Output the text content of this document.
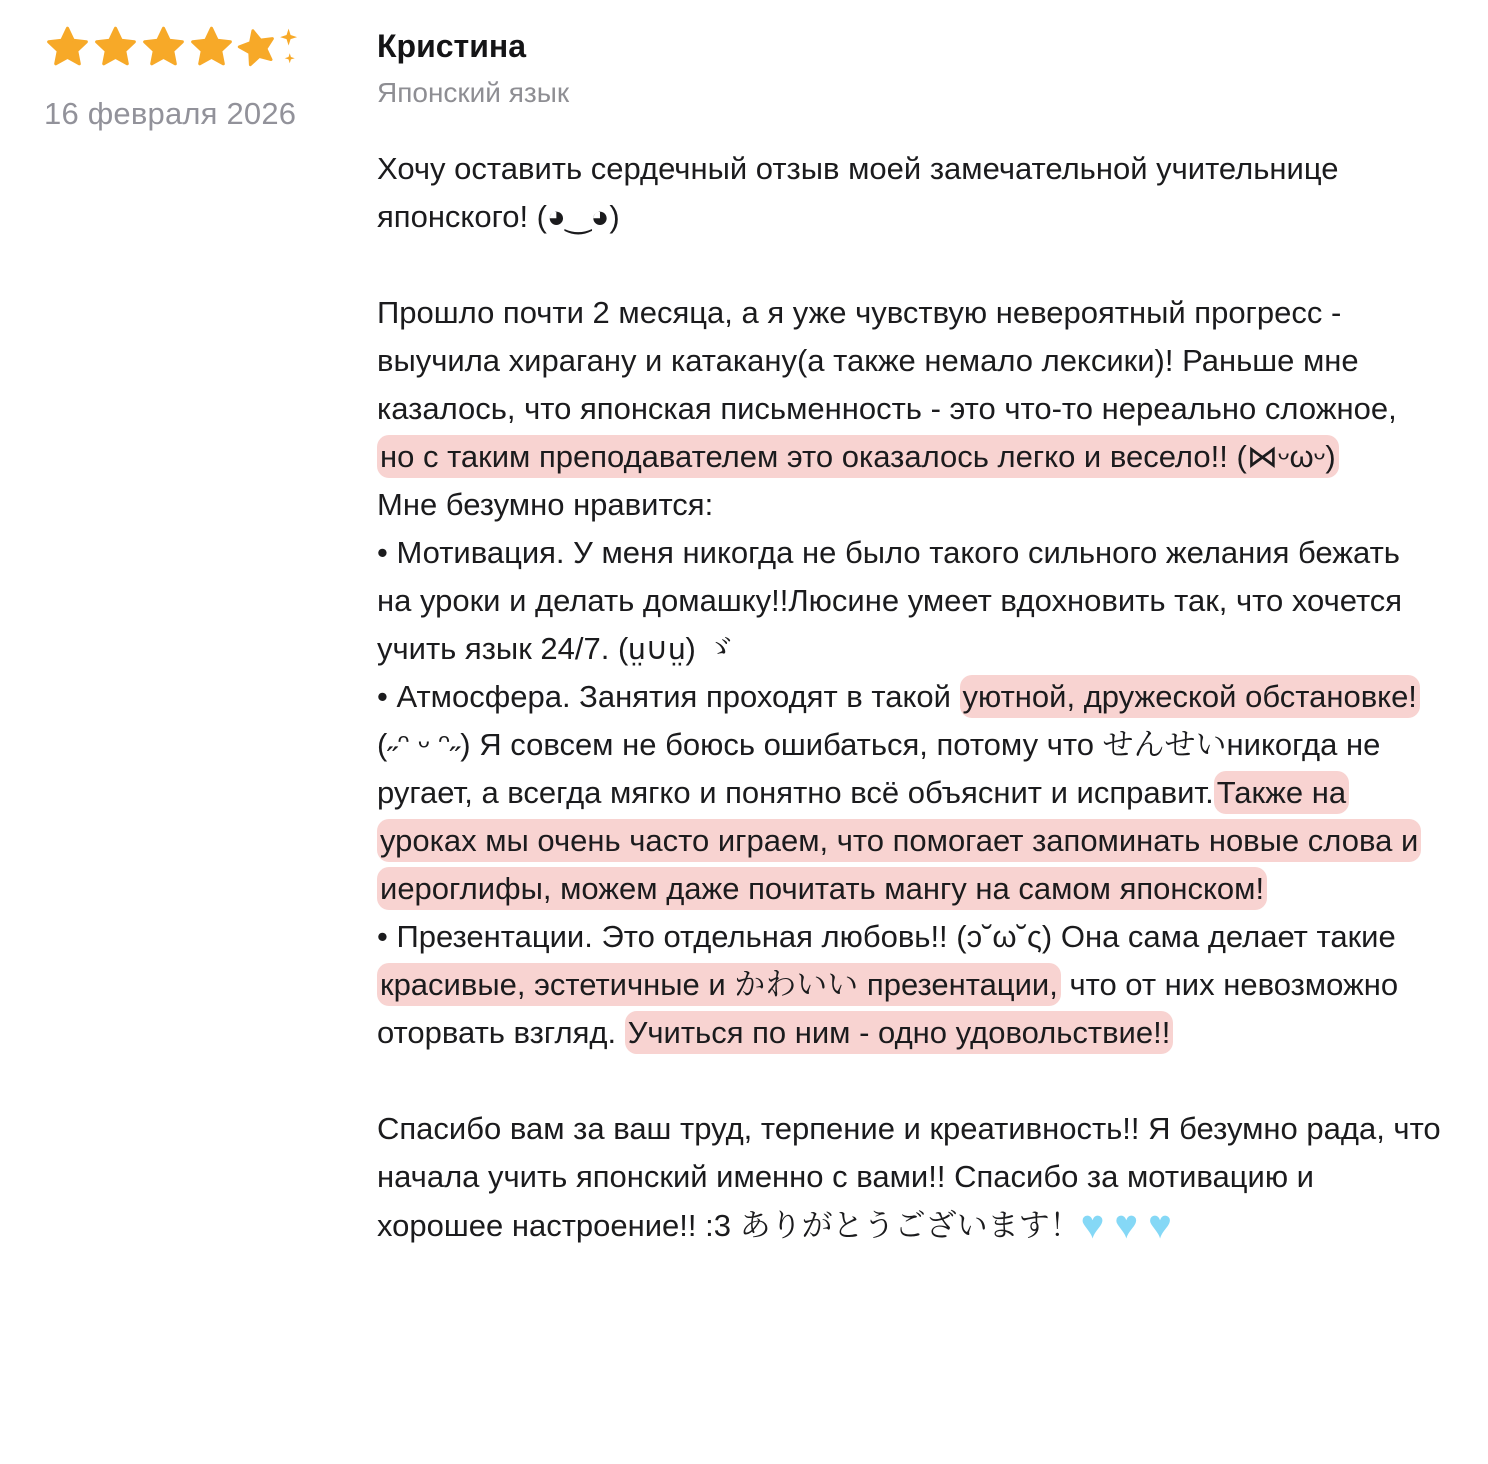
16 февраля 2026
Кристина
Японский язык

Хочу оставить сердечный отзыв моей замечательной учительнице японского! (◕‿◕)

Прошло почти 2 месяца, а я уже чувствую невероятный прогресс - выучила хирагану и катакану(а также немало лексики)! Раньше мне казалось, что японская письменность - это что-то нереально сложное, но с таким преподавателем это оказалось легко и весело!! (⋈ᵕωᵕ)

Мне безумно нравится:

• Мотивация. У меня никогда не было такого сильного желания бежать на уроки и делать домашку!!Люсине умеет вдохновить так, что хочется учить язык 24/7. (ṳ∪ṳ) ゞ

• Атмосфера. Занятия проходят в такой уютной, дружеской обстановке! (˶ᵔ ᵕ ᵔ˶) Я совсем не боюсь ошибаться, потому что せんせいникогда не ругает, а всегда мягко и понятно всё объяснит и исправит.Также на уроках мы очень часто играем, что помогает запоминать новые слова и иероглифы, можем даже почитать мангу на самом японском!

• Презентации. Это отдельная любовь!! (ɔ˘ω˘ς) Она сама делает такие красивые, эстетичные и かわいい презентации, что от них невозможно оторвать взгляд. Учиться по ним - одно удовольствие!!

Спасибо вам за ваш труд, терпение и креативность!! Я безумно рада, что начала учить японский именно с вами!! Спасибо за мотивацию и хорошее настроение!! :3 ありがとうございます！♥♥♥
